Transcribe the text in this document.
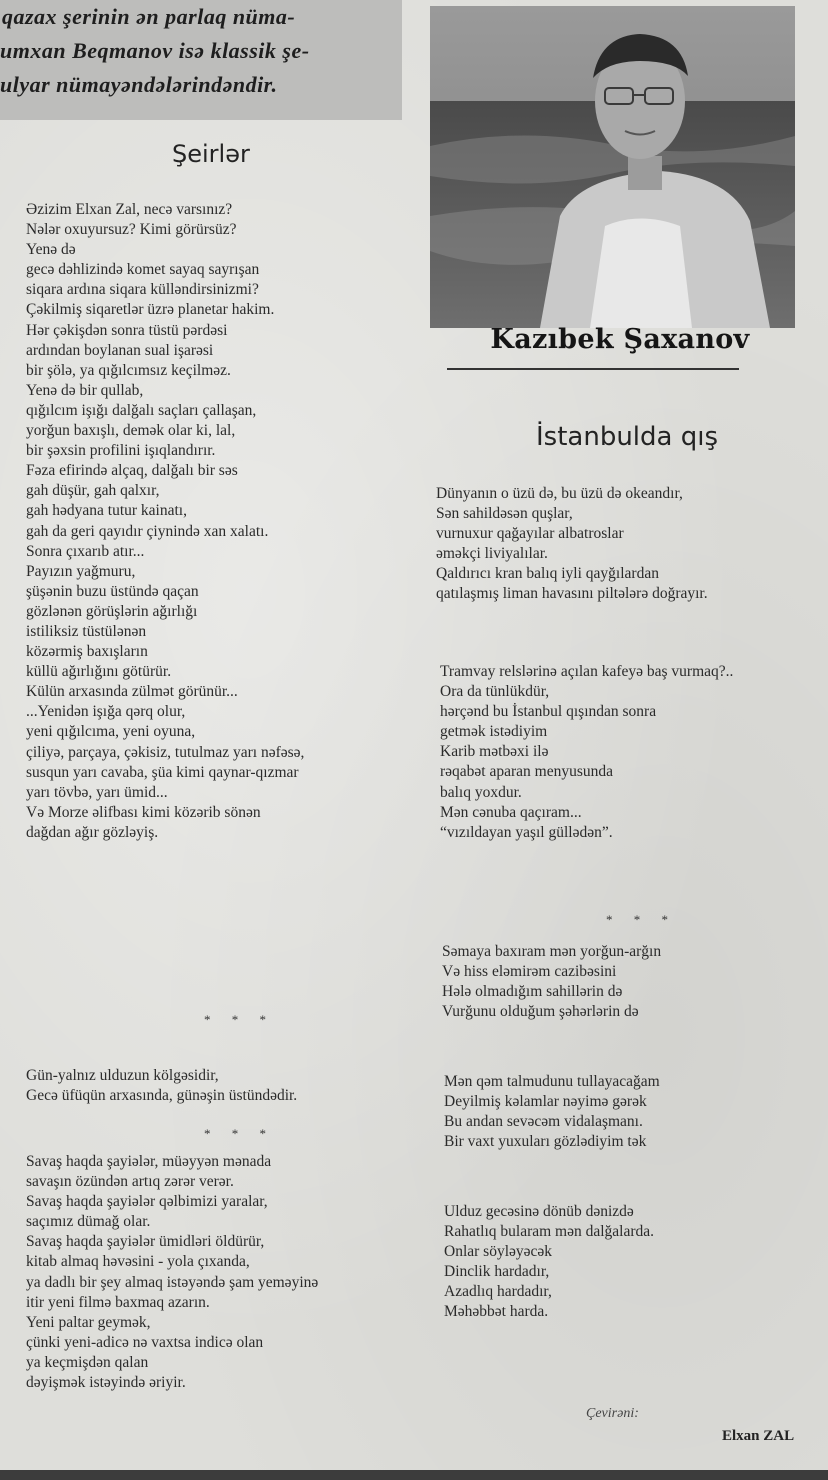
qazax şerinin ən parlaq nüma-
umxan Beqmanov isə klassik şe-
ulyar nümayəndələrindəndir.
Şeirlər
Əzizim Elxan Zal, necə varsınız?
Nələr oxuyursuz? Kimi görürsüz?
Yenə də
gecə dəhlizində komet sayaq sayrışan
siqara ardına siqara külləndirsinizmi?
Çəkilmiş siqaretlər üzrə planetar hakim.
Hər çəkişdən sonra tüstü pərdəsi
ardından boylanan sual işarəsi
bir şölə, ya qığılcımsız keçilməz.
Yenə də bir qullab,
qığılcım işığı dalğalı saçları çallaşan,
yorğun baxışlı, demək olar ki, lal,
bir şəxsin profilini işıqlandırır.
Fəza efirində alçaq, dalğalı bir səs
gah düşür, gah qalxır,
gah hədyana tutur kainatı,
gah da geri qayıdır çiynində xan xalatı.
Sonra çıxarıb atır...
Payızın yağmuru,
şüşənin buzu üstündə qaçan
gözlənən görüşlərin ağırlığı
istiliksiz tüstülənən
közərmiş baxışların
küllü ağırlığını götürür.
Külün arxasında zülmət görünür...
...Yenidən işığa qərq olur,
yeni qığılcıma, yeni oyuna,
çiliyə, parçaya, çəkisiz, tutulmaz yarı nəfəsə,
susqun yarı cavaba, şüa kimi qaynar-qızmar
yarı tövbə, yarı ümid...
Və Morze əlifbası kimi közərib sönən
dağdan ağır gözləyiş.
* * *
Gün-yalnız ulduzun kölgəsidir,
Gecə üfüqün arxasında, günəşin üstündədir.
* * *
Savaş haqda şayiələr, müəyyən mənada
savaşın özündən artıq zərər verər.
Savaş haqda şayiələr qəlbimizi yaralar,
saçımız dümağ olar.
Savaş haqda şayiələr ümidləri öldürür,
kitab almaq həvəsini - yola çıxanda,
ya dadlı bir şey almaq istəyəndə şam yeməyinə
itir yeni filmə baxmaq azarın.
Yeni paltar geymək,
çünki yeni-adicə nə vaxtsa indicə olan
ya keçmişdən qalan
dəyişmək istəyində əriyir.
Kazıbek Şaxanov
İstanbulda qış
Dünyanın o üzü də, bu üzü də okeandır,
Sən sahildəsən quşlar,
vurnuxur qağayılar albatroslar
əməkçi liviyalılar.
Qaldırıcı kran balıq iyli qayğılardan
qatılaşmış liman havasını piltələrə doğrayır.
Tramvay relslərinə açılan kafeyə baş vurmaq?..
Ora da tünlükdür,
hərçənd bu İstanbul qışından sonra
getmək istədiyim
Karib mətbəxi ilə
rəqabət aparan menyusunda
balıq yoxdur.
Mən cənuba qaçıram...
“vızıldayan yaşıl güllədən”.
* * *
Səmaya baxıram mən yorğun-arğın
Və hiss eləmirəm cazibəsini
Hələ olmadığım sahillərin də
Vurğunu olduğum şəhərlərin də
Mən qəm talmudunu tullayacağam
Deyilmiş kəlamlar nəyimə gərək
Bu andan sevəcəm vidalaşmanı.
Bir vaxt yuxuları gözlədiyim tək
Ulduz gecəsinə dönüb dənizdə
Rahatlıq bularam mən dalğalarda.
Onlar söyləyəcək
Dinclik hardadır,
Azadlıq hardadır,
Məhəbbət harda.
Çevirəni:
Elxan ZAL
